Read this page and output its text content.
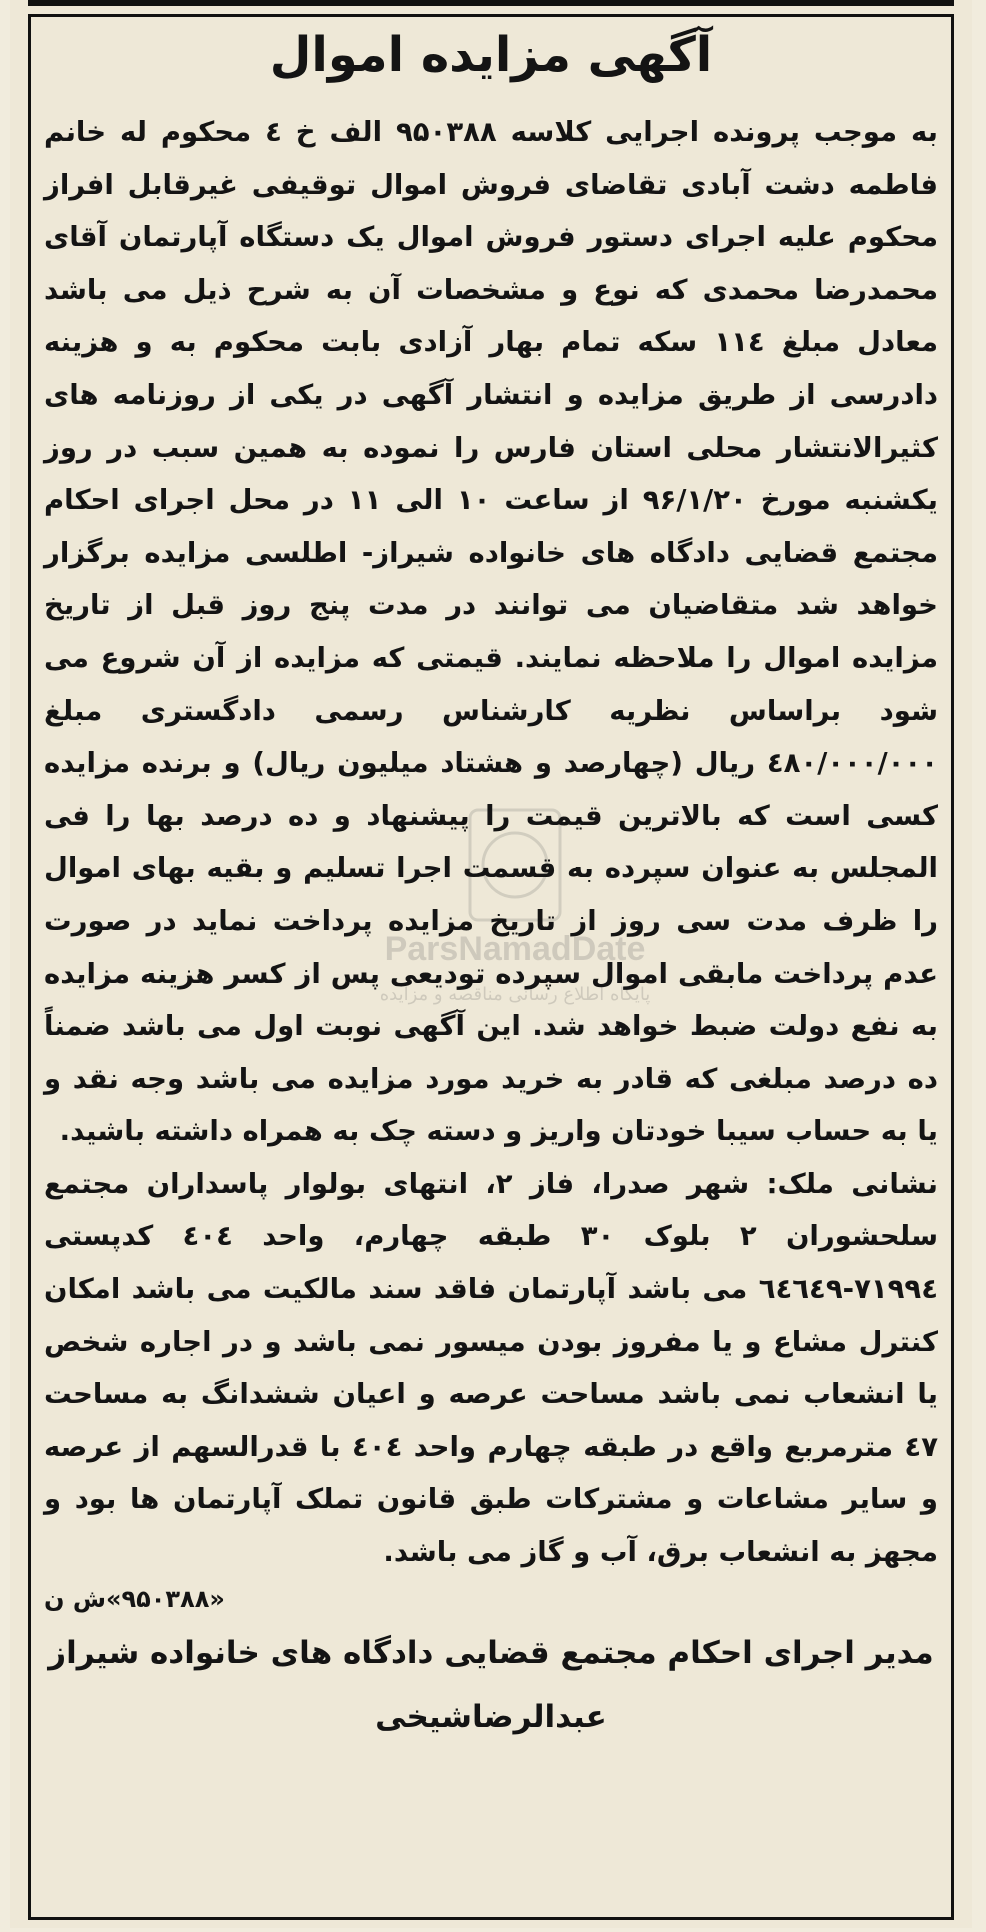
ParsNamadDate
پایگاه اطلاع رسانی مناقصه و مزایده
آگهی مزایده اموال

به موجب پرونده اجرایی کلاسه ۹۵۰۳۸۸ الف خ ٤ محکوم له خانم فاطمه دشت آبادی تقاضای فروش اموال توقیفی غیرقابل افراز محکوم علیه اجرای دستور فروش اموال یک دستگاه آپارتمان آقای محمدرضا محمدی که نوع و مشخصات آن به شرح ذیل می باشد معادل مبلغ ۱۱٤ سکه تمام بهار آزادی بابت محکوم به و هزینه دادرسی از طریق مزایده و انتشار آگهی در یکی از روزنامه های کثیرالانتشار محلی استان فارس را نموده به همین سبب در روز یکشنبه مورخ ۹۶/۱/۲۰ از ساعت ۱۰ الی ۱۱ در محل اجرای احکام مجتمع قضایی دادگاه های خانواده شیراز- اطلسی مزایده برگزار خواهد شد متقاضیان می توانند در مدت پنج روز قبل از تاریخ مزایده اموال را ملاحظه نمایند. قیمتی که مزایده از آن شروع می شود براساس نظریه کارشناس رسمی دادگستری مبلغ ٤٨٠/٠٠٠/٠٠٠ ریال (چهارصد و هشتاد میلیون ریال) و برنده مزایده کسی است که بالاترین قیمت را پیشنهاد و ده درصد بها را فی المجلس به عنوان سپرده به قسمت اجرا تسلیم و بقیه بهای اموال را ظرف مدت سی روز از تاریخ مزایده پرداخت نماید در صورت عدم پرداخت مابقی اموال سپرده تودیعی پس از کسر هزینه مزایده به نفع دولت ضبط خواهد شد. این آگهی نوبت اول می باشد ضمناً ده درصد مبلغی که قادر به خرید مورد مزایده می باشد وجه نقد و یا به حساب سیبا خودتان واریز و دسته چک به همراه داشته باشید.

نشانی ملک: شهر صدرا، فاز ۲، انتهای بولوار پاسداران مجتمع سلحشوران ۲ بلوک ۳۰ طبقه چهارم، واحد ٤٠٤ کدپستی ۷۱۹۹٤-٦٤٦٤۹ می باشد آپارتمان فاقد سند مالکیت می باشد امکان کنترل مشاع و یا مفروز بودن میسور نمی باشد و در اجاره شخص یا انشعاب نمی باشد مساحت عرصه و اعیان ششدانگ به مساحت ٤٧ مترمربع واقع در طبقه چهارم واحد ٤٠٤ با قدرالسهم از عرصه و سایر مشاعات و مشترکات طبق قانون تملک آپارتمان ها بود و مجهز به انشعاب برق، آب و گاز می باشد.

«۹۵۰۳۸۸»ش ن

مدیر اجرای احکام مجتمع قضایی دادگاه های خانواده شیراز
عبدالرضاشیخی
